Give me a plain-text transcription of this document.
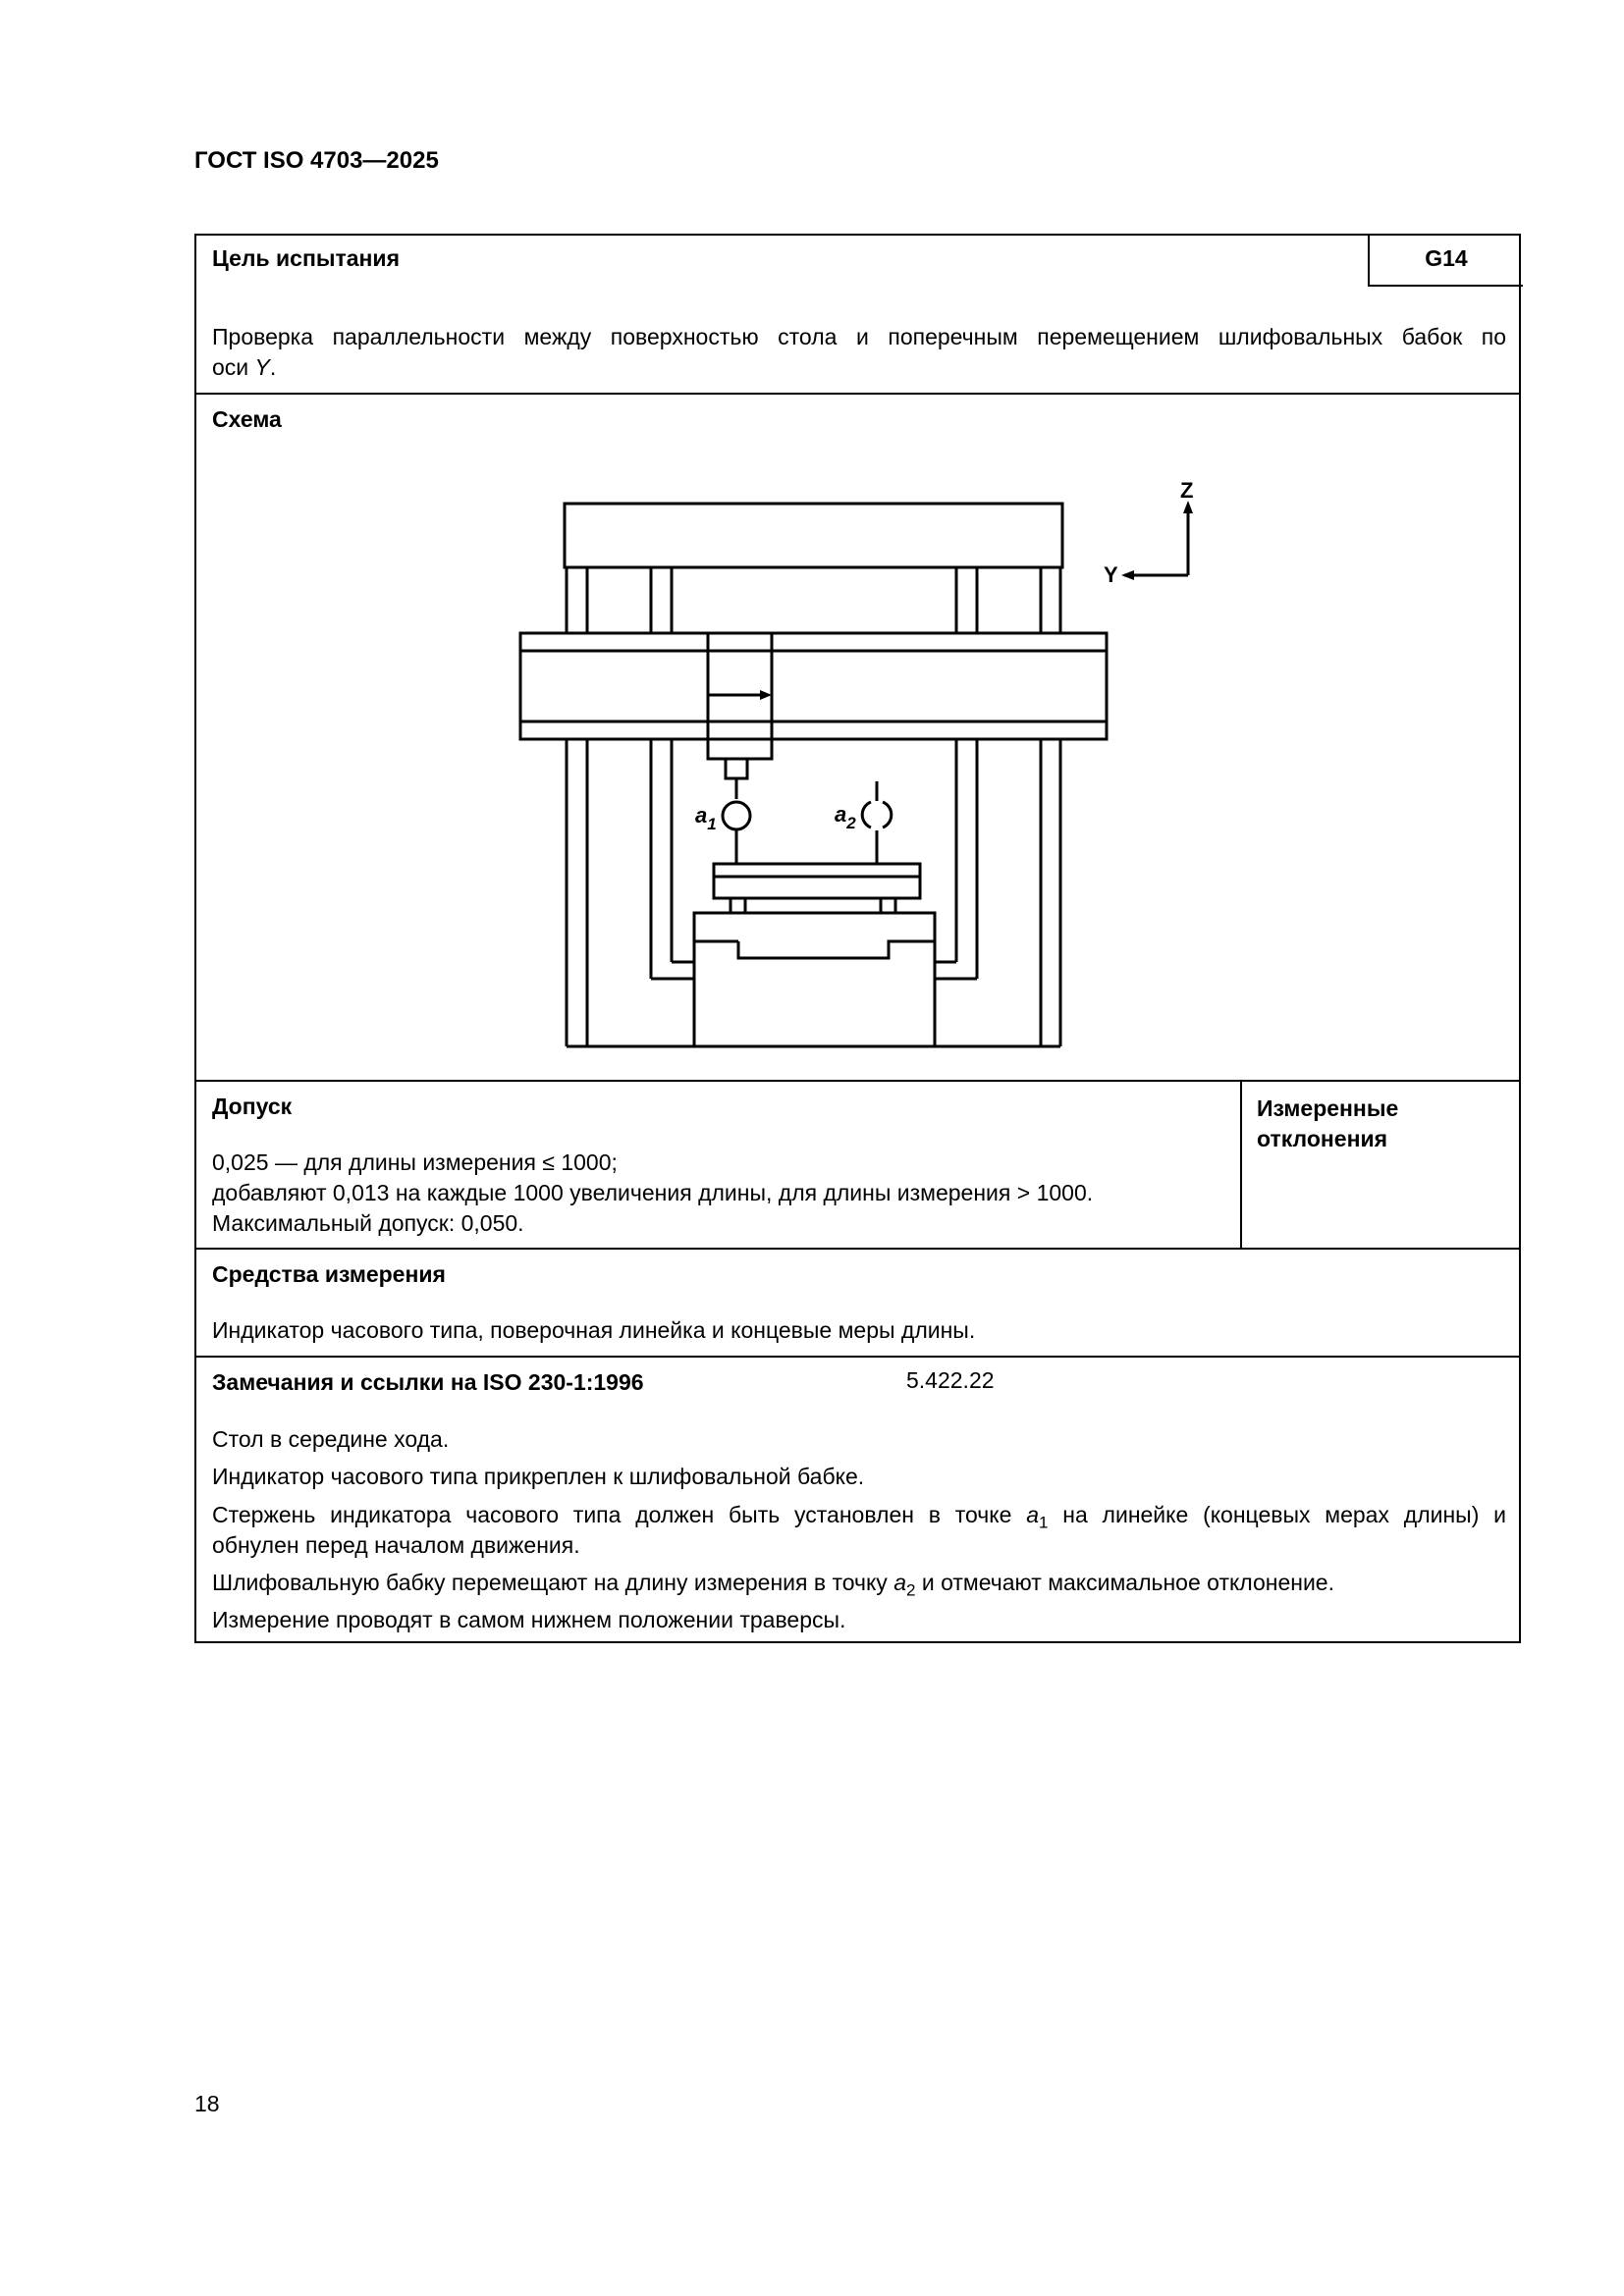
ГОСТ ISO 4703—2025
Цель испытания	G14
Проверка параллельности между поверхностью стола и поперечным перемещением шлифовальных бабок по
оси Y.
Схема
Z
Y
$a_1$	$a_2$
Допуск
0,025 — для длины измерения ≤ 1000;
добавляют 0,013 на каждые 1000 увеличения длины, для длины измерения > 1000.
Максимальный допуск: 0,050.
Измеренные
отклонения
Средства измерения
Индикатор часового типа, поверочная линейка и концевые меры длины.
Замечания и ссылки на ISO 230-1:1996	5.422.22
Стол в середине хода.
Индикатор часового типа прикреплен к шлифовальной бабке.
Стержень индикатора часового типа должен быть установлен в точке $a_1$ на линейке (концевых мерах длины) и
обнулен перед началом движения.
Шлифовальную бабку перемещают на длину измерения в точку $a_2$ и отмечают максимальное отклонение.
Измерение проводят в самом нижнем положении траверсы.
18
